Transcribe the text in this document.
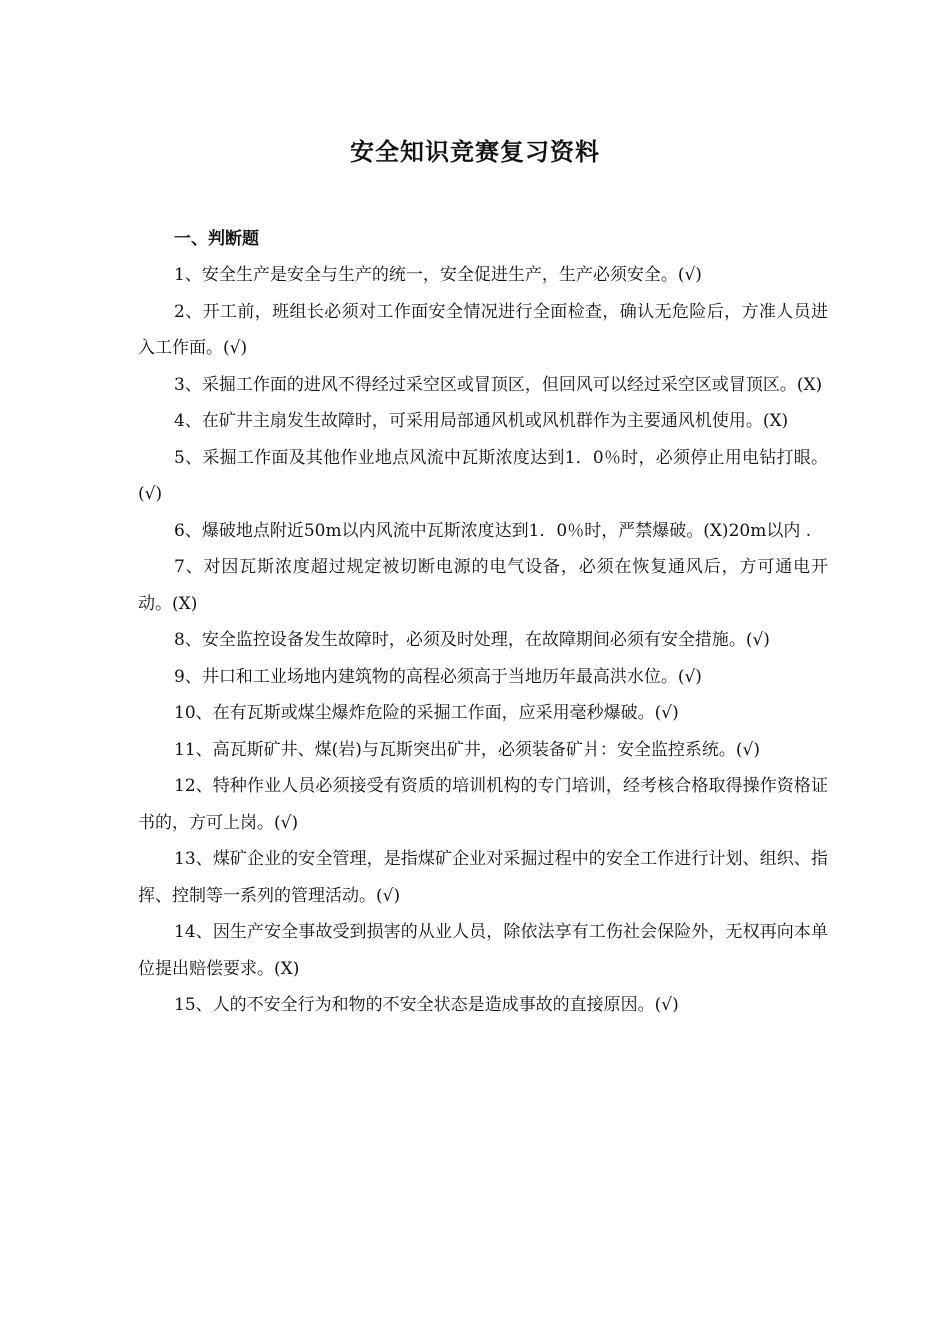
安全知识竞赛复习资料
一、判断题

1、安全生产是安全与生产的统一，安全促进生产，生产必须安全。(√)

2、开工前，班组长必须对工作面安全情况进行全面检查，确认无危险后，方准人员进入工作面。(√)

3、采掘工作面的进风不得经过采空区或冒顶区，但回风可以经过采空区或冒顶区。(X)

4、在矿井主扇发生故障时，可采用局部通风机或风机群作为主要通风机使用。(X)

5、采掘工作面及其他作业地点风流中瓦斯浓度达到1．0％时，必须停止用电钻打眼。(√)

6、爆破地点附近50m以内风流中瓦斯浓度达到1．0％时，严禁爆破。(X)20m以内 .

7、对因瓦斯浓度超过规定被切断电源的电气设备，必须在恢复通风后，方可通电开动。(X)

8、安全监控设备发生故障时，必须及时处理，在故障期间必须有安全措施。(√)

9、井口和工业场地内建筑物的高程必须高于当地历年最高洪水位。(√)

10、在有瓦斯或煤尘爆炸危险的采掘工作面，应采用毫秒爆破。(√)

11、高瓦斯矿井、煤(岩)与瓦斯突出矿井，必须装备矿爿：安全监控系统。(√)

12、特种作业人员必须接受有资质的培训机构的专门培训，经考核合格取得操作资格证书的，方可上岗。(√)

13、煤矿企业的安全管理，是指煤矿企业对采掘过程中的安全工作进行计划、组织、指挥、控制等一系列的管理活动。(√)

14、因生产安全事故受到损害的从业人员，除依法享有工伤社会保险外，无权再向本单位提出赔偿要求。(X)

15、人的不安全行为和物的不安全状态是造成事故的直接原因。(√)
